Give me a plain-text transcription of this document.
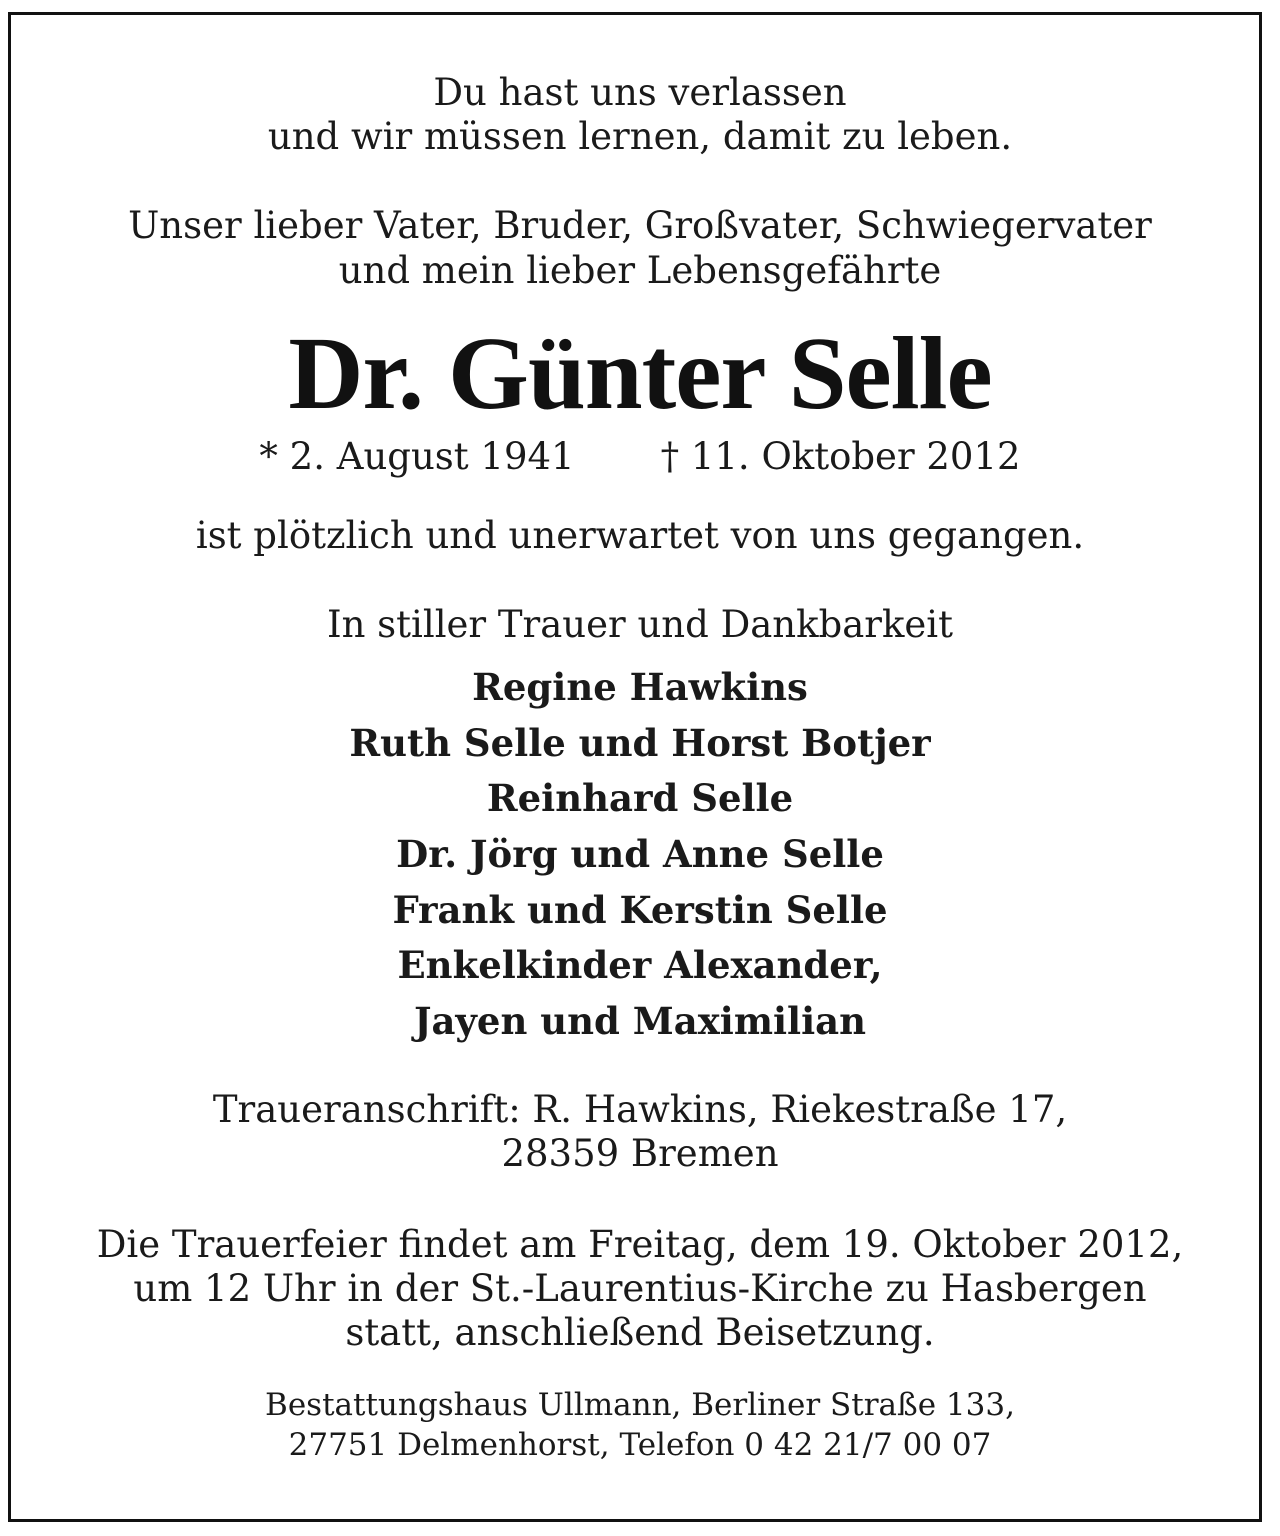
Du hast uns verlassen
und wir müssen lernen, damit zu leben.
Unser lieber Vater, Bruder, Großvater, Schwiegervater
und mein lieber Lebensgefährte
Dr. Günter Selle
* 2. August 1941 † 11. Oktober 2012
ist plötzlich und unerwartet von uns gegangen.
In stiller Trauer und Dankbarkeit
Regine Hawkins
Ruth Selle und Horst Botjer
Reinhard Selle
Dr. Jörg und Anne Selle
Frank und Kerstin Selle
Enkelkinder Alexander,
Jayen und Maximilian
Traueranschrift: R. Hawkins, Riekestraße 17,
28359 Bremen
Die Trauerfeier findet am Freitag, dem 19. Oktober 2012,
um 12 Uhr in der St.-Laurentius-Kirche zu Hasbergen
statt, anschließend Beisetzung.
Bestattungshaus Ullmann, Berliner Straße 133,
27751 Delmenhorst, Telefon 0 42 21/7 00 07
